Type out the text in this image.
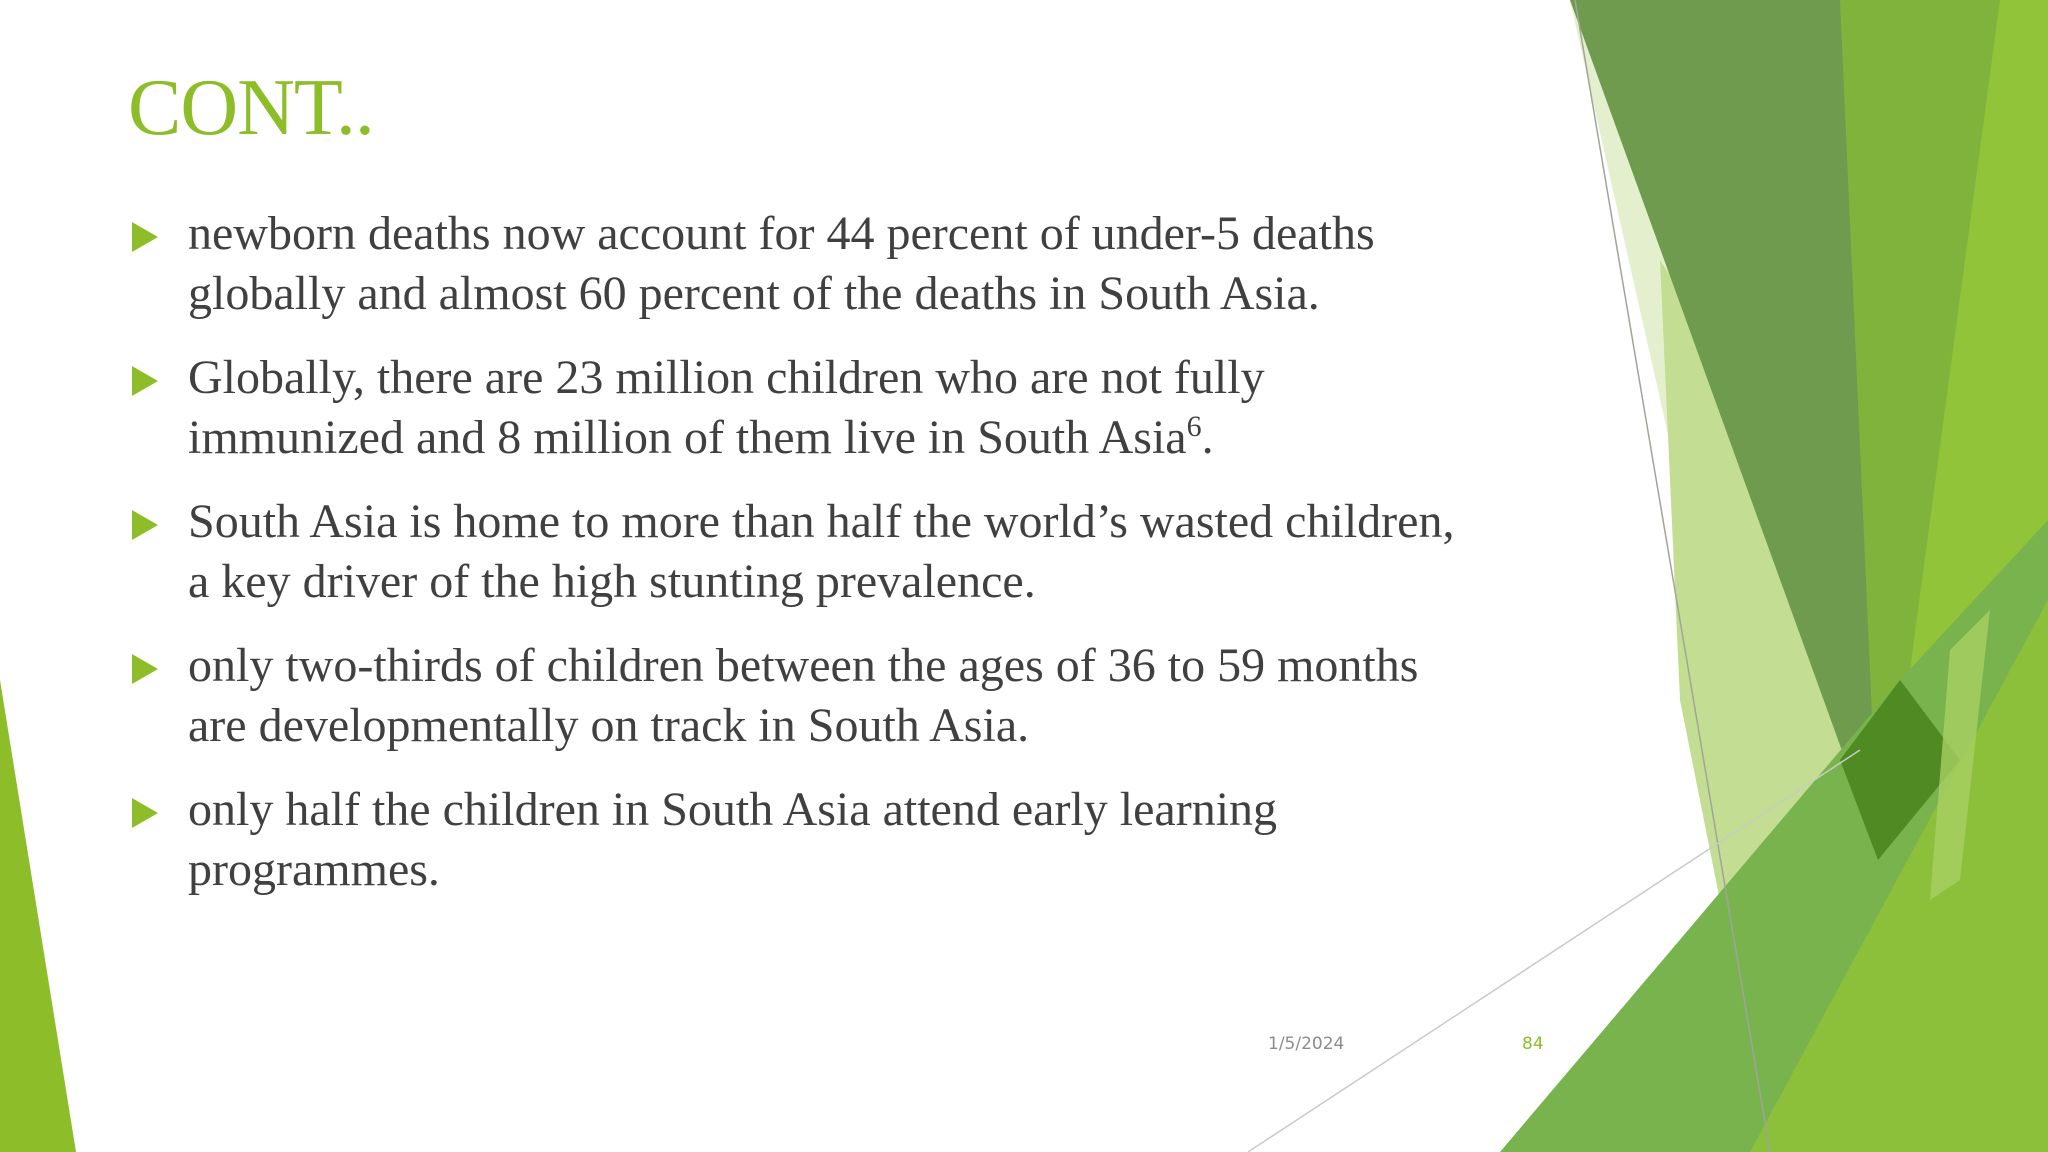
CONT..
newborn deaths now account for 44 percent of under-5 deaths
globally and almost 60 percent of the deaths in South Asia.
Globally, there are 23 million children who are not fully
immunized and 8 million of them live in South Asia$^6$.
South Asia is home to more than half the world’s wasted children,
a key driver of the high stunting prevalence.
only two-thirds of children between the ages of 36 to 59 months
are developmentally on track in South Asia.
only half the children in South Asia attend early learning
programmes.
1/5/2024	84
